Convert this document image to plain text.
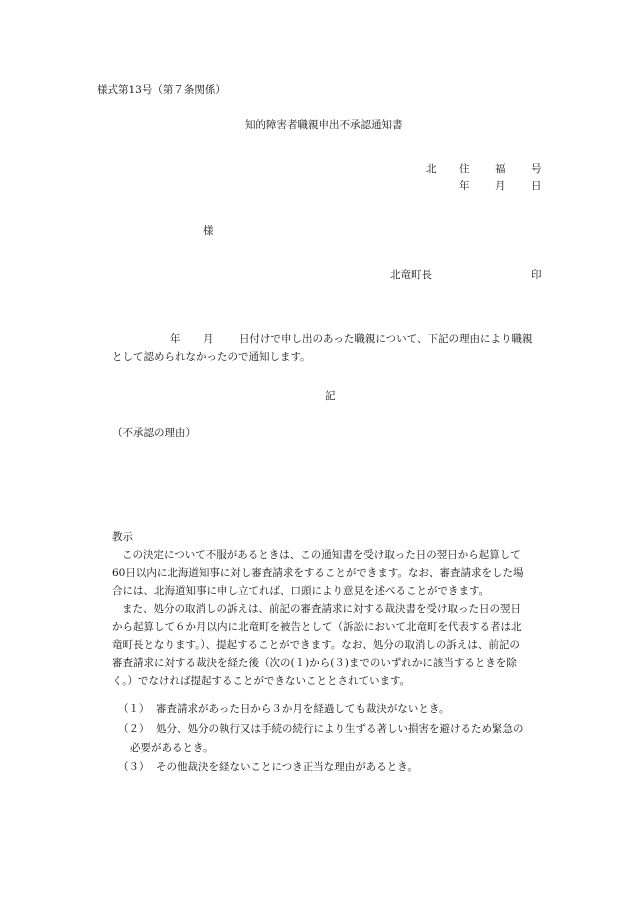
様式第13号（第７条関係）
知的障害者職親申出不承認通知書
北 住 福 号
年 月 日
様
北竜町長	印
年 月 日付けで申し出のあった職親について、下記の理由により職親
として認められなかったので通知します。
記
（不承認の理由）
教示
この決定について不服があるときは、この通知書を受け取った日の翌日から起算して
60日以内に北海道知事に対し審査請求をすることができます。なお、審査請求をした場
合には、北海道知事に申し立てれば、口頭により意見を述べることができます。
また、処分の取消しの訴えは、前記の審査請求に対する裁決書を受け取った日の翌日
から起算して６か月以内に北竜町を被告として（訴訟において北竜町を代表する者は北
竜町長となります。）、提起することができます。なお、処分の取消しの訴えは、前記の
審査請求に対する裁決を経た後（次の(１)から(３)までのいずれかに該当するときを除
く。）でなければ提起することができないこととされています。
（１） 審査請求があった日から３か月を経過しても裁決がないとき。
（２） 処分、処分の執行又は手続の続行により生ずる著しい損害を避けるため緊急の
必要があるとき。
（３） その他裁決を経ないことにつき正当な理由があるとき。
